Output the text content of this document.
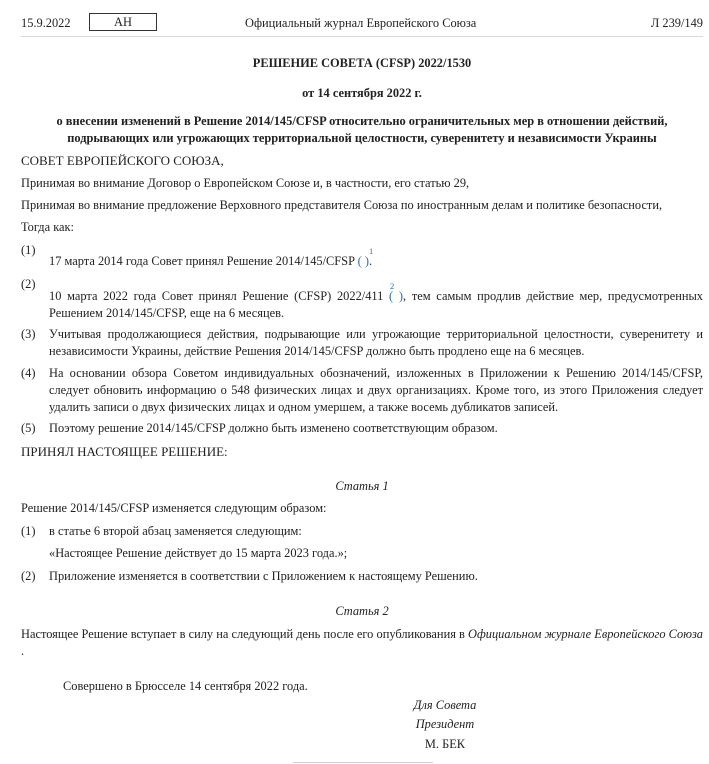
15.9.2022	AH	Официальный журнал Европейского Союза	Л 239/149
РЕШЕНИЕ СОВЕТА (CFSP) 2022/1530
от 14 сентября 2022 г.
о внесении изменений в Решение 2014/145/CFSP относительно ограничительных мер в отношении действий,
подрывающих или угрожающих территориальной целостности, суверенитету и независимости Украины
СОВЕТ ЕВРОПЕЙСКОГО СОЮЗА,
Принимая во внимание Договор о Европейском Союзе и, в частности, его статью 29,
Принимая во внимание предложение Верховного представителя Союза по иностранным делам и политике безопасности,
Тогда как:
(1)
17 марта 2014 года Совет принял Решение 2014/145/CFSP ( ).
1
(2)
10 марта 2022 года Совет принял Решение (CFSP) 2022/411 ( ), тем самым продлив действие мер, предусмотренных Решением 2014/145/CFSP, еще на 6 месяцев.
2
(3) Учитывая продолжающиеся действия, подрывающие или угрожающие территориальной целостности, суверенитету и независимости Украины, действие Решения 2014/145/CFSP должно быть продлено еще на 6 месяцев.
(4) На основании обзора Советом индивидуальных обозначений, изложенных в Приложении к Решению 2014/145/CFSP, следует обновить информацию о 548 физических лицах и двух организациях. Кроме того, из этого Приложения следует удалить записи о двух физических лицах и одном умершем, а также восемь дубликатов записей.
(5) Поэтому решение 2014/145/CFSP должно быть изменено соответствующим образом.
ПРИНЯЛ НАСТОЯЩЕЕ РЕШЕНИЕ:
Статья 1
Решение 2014/145/CFSP изменяется следующим образом:
(1) в статье 6 второй абзац заменяется следующим:
«Настоящее Решение действует до 15 марта 2023 года.»;
(2) Приложение изменяется в соответствии с Приложением к настоящему Решению.
Статья 2
Настоящее Решение вступает в силу на следующий день после его опубликования в Официальном журнале Европейского Союза .
Совершено в Брюсселе 14 сентября 2022 года.
Для Совета
Президент
М. БЕК
